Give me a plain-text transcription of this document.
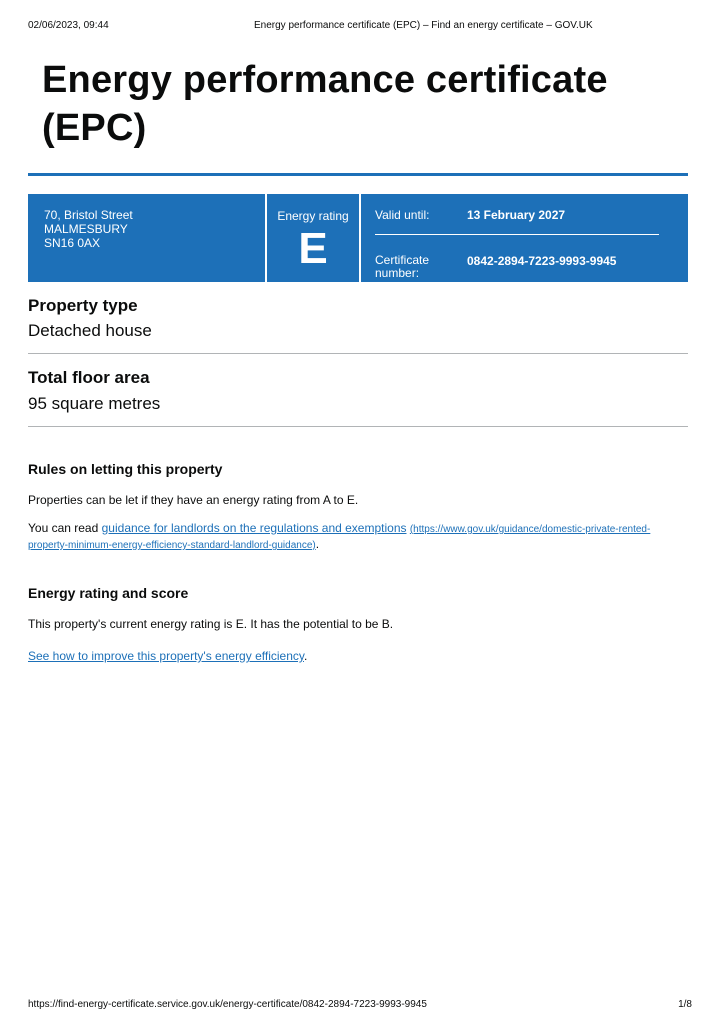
02/06/2023, 09:44	Energy performance certificate (EPC) – Find an energy certificate – GOV.UK
Energy performance certificate (EPC)
70, Bristol Street
MALMESBURY
SN16 0AX
Energy rating
E
Valid until:	13 February 2027
Certificate number:
0842-2894-7223-9993-9945
Property type
Detached house
Total floor area
95 square metres
Rules on letting this property
Properties can be let if they have an energy rating from A to E.
You can read guidance for landlords on the regulations and exemptions (https://www.gov.uk/guidance/domestic-private-rented-property-minimum-energy-efficiency-standard-landlord-guidance).
Energy rating and score
This property's current energy rating is E. It has the potential to be B.
See how to improve this property's energy efficiency.
https://find-energy-certificate.service.gov.uk/energy-certificate/0842-2894-7223-9993-9945	1/8
